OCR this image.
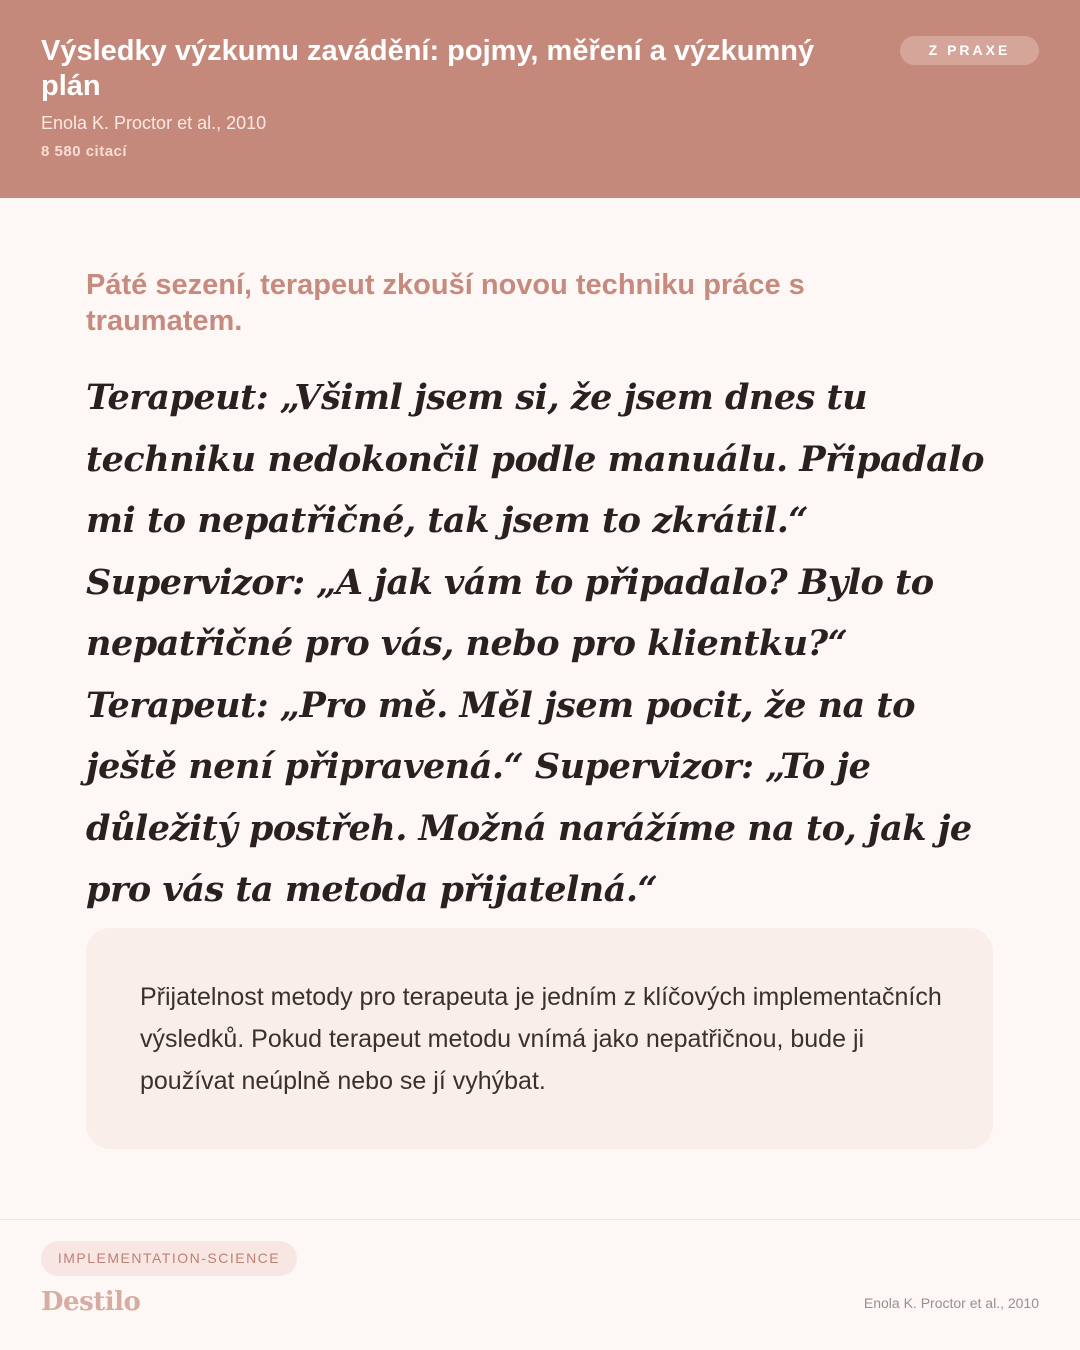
Výsledky výzkumu zavádění: pojmy, měření a výzkumný plán
Enola K. Proctor et al., 2010
8 580 citací
Z PRAXE

Páté sezení, terapeut zkouší novou techniku práce s traumatem.

Terapeut: „Všiml jsem si, že jsem dnes tu techniku nedokončil podle manuálu. Připadalo mi to nepatřičné, tak jsem to zkrátil.“ Supervizor: „A jak vám to připadalo? Bylo to nepatřičné pro vás, nebo pro klientku?“ Terapeut: „Pro mě. Měl jsem pocit, že na to ještě není připravená.“ Supervizor: „To je důležitý postřeh. Možná narážíme na to, jak je pro vás ta metoda přijatelná.“

Přijatelnost metody pro terapeuta je jedním z klíčových implementačních výsledků. Pokud terapeut metodu vnímá jako nepatřičnou, bude ji používat neúplně nebo se jí vyhýbat.

IMPLEMENTATION-SCIENCE
Destilo	Enola K. Proctor et al., 2010
